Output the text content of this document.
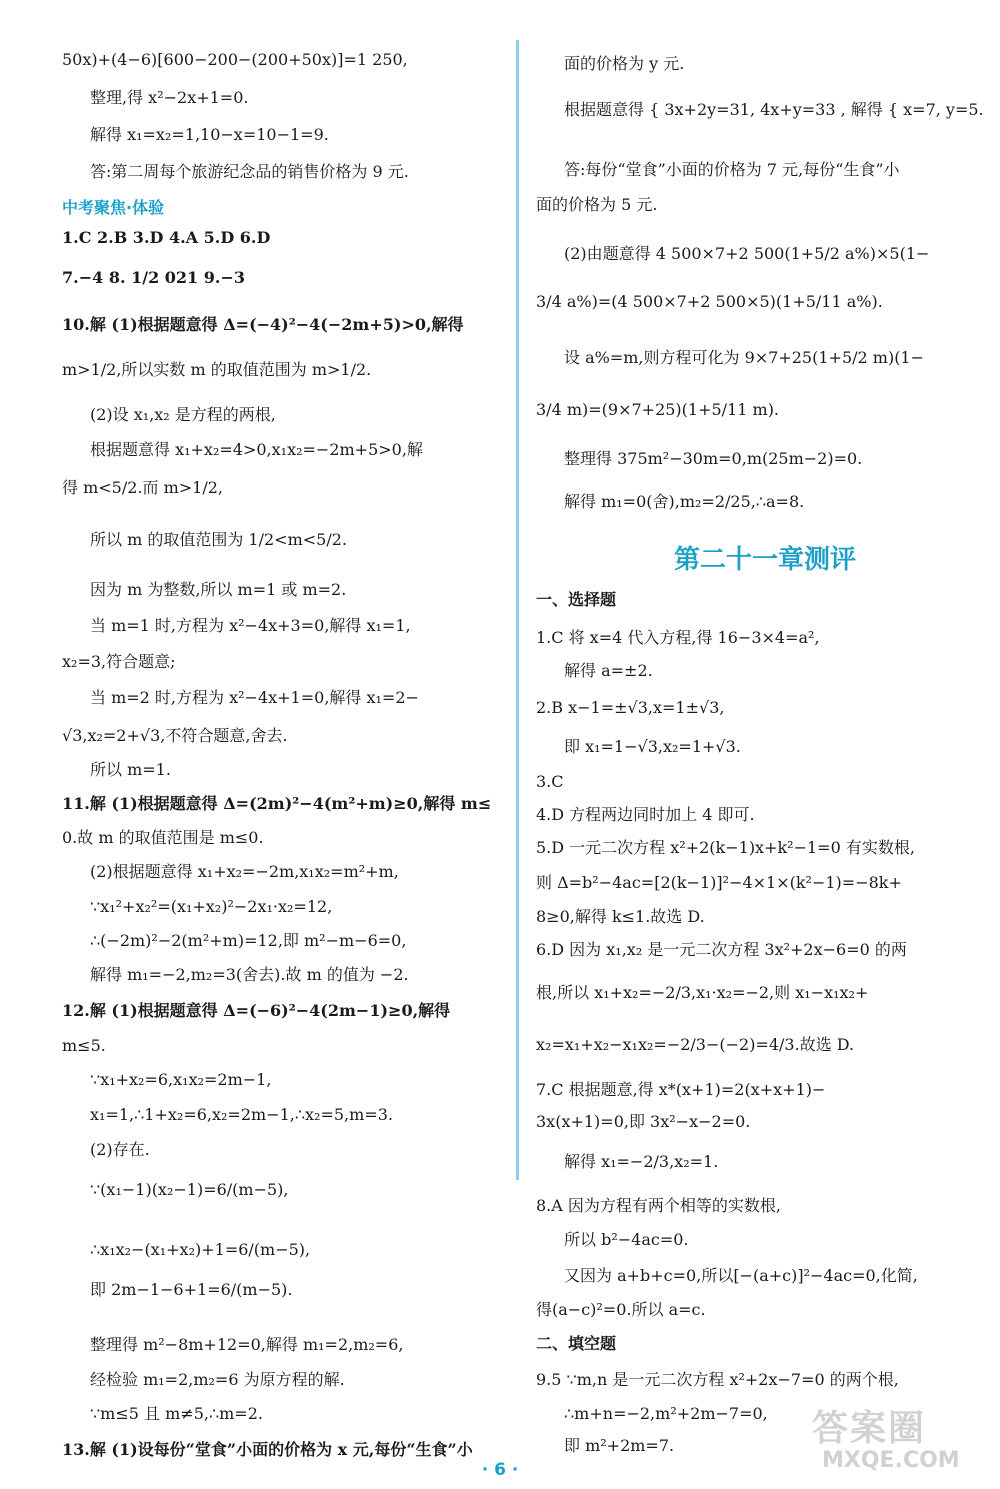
50x)+(4−6)[600−200−(200+50x)]=1 250,
整理,得 x²−2x+1=0.
解得 x₁=x₂=1,10−x=10−1=9.
答:第二周每个旅游纪念品的销售价格为 9 元.
中考聚焦·体验
1.C 2.B 3.D 4.A 5.D 6.D
7.−4 8. 1/2 021 9.−3
10.解 (1)根据题意得 Δ=(−4)²−4(−2m+5)>0,解得
m>1/2,所以实数 m 的取值范围为 m>1/2.
(2)设 x₁,x₂ 是方程的两根,
根据题意得 x₁+x₂=4>0,x₁x₂=−2m+5>0,解
得 m<5/2.而 m>1/2,
所以 m 的取值范围为 1/2<m<5/2.
因为 m 为整数,所以 m=1 或 m=2.
当 m=1 时,方程为 x²−4x+3=0,解得 x₁=1,
x₂=3,符合题意;
当 m=2 时,方程为 x²−4x+1=0,解得 x₁=2−
√3,x₂=2+√3,不符合题意,舍去.
所以 m=1.
11.解 (1)根据题意得 Δ=(2m)²−4(m²+m)≥0,解得 m≤
0.故 m 的取值范围是 m≤0.
(2)根据题意得 x₁+x₂=−2m,x₁x₂=m²+m,
∵x₁²+x₂²=(x₁+x₂)²−2x₁·x₂=12,
∴(−2m)²−2(m²+m)=12,即 m²−m−6=0,
解得 m₁=−2,m₂=3(舍去).故 m 的值为 −2.
12.解 (1)根据题意得 Δ=(−6)²−4(2m−1)≥0,解得
m≤5.
∵x₁+x₂=6,x₁x₂=2m−1,
x₁=1,∴1+x₂=6,x₂=2m−1,∴x₂=5,m=3.
(2)存在.
∵(x₁−1)(x₂−1)=6/(m−5),
∴x₁x₂−(x₁+x₂)+1=6/(m−5),
即 2m−1−6+1=6/(m−5).
整理得 m²−8m+12=0,解得 m₁=2,m₂=6,
经检验 m₁=2,m₂=6 为原方程的解.
∵m≤5 且 m≠5,∴m=2.
13.解 (1)设每份“堂食”小面的价格为 x 元,每份“生食”小
面的价格为 y 元.
根据题意得 { 3x+2y=31, 4x+y=33 , 解得 { x=7, y=5.
答:每份“堂食”小面的价格为 7 元,每份“生食”小
面的价格为 5 元.
(2)由题意得 4 500×7+2 500(1+5/2 a%)×5(1−
3/4 a%)=(4 500×7+2 500×5)(1+5/11 a%).
设 a%=m,则方程可化为 9×7+25(1+5/2 m)(1−
3/4 m)=(9×7+25)(1+5/11 m).
整理得 375m²−30m=0,m(25m−2)=0.
解得 m₁=0(舍),m₂=2/25,∴a=8.
第二十一章测评
一、选择题
1.C 将 x=4 代入方程,得 16−3×4=a²,
解得 a=±2.
2.B x−1=±√3,x=1±√3,
即 x₁=1−√3,x₂=1+√3.
3.C
4.D 方程两边同时加上 4 即可.
5.D 一元二次方程 x²+2(k−1)x+k²−1=0 有实数根,
则 Δ=b²−4ac=[2(k−1)]²−4×1×(k²−1)=−8k+
8≥0,解得 k≤1.故选 D.
6.D 因为 x₁,x₂ 是一元二次方程 3x²+2x−6=0 的两
根,所以 x₁+x₂=−2/3,x₁·x₂=−2,则 x₁−x₁x₂+
x₂=x₁+x₂−x₁x₂=−2/3−(−2)=4/3.故选 D.
7.C 根据题意,得 x*(x+1)=2(x+x+1)−
3x(x+1)=0,即 3x²−x−2=0.
解得 x₁=−2/3,x₂=1.
8.A 因为方程有两个相等的实数根,
所以 b²−4ac=0.
又因为 a+b+c=0,所以[−(a+c)]²−4ac=0,化简,
得(a−c)²=0.所以 a=c.
二、填空题
9.5 ∵m,n 是一元二次方程 x²+2x−7=0 的两个根,
∴m+n=−2,m²+2m−7=0,
即 m²+2m=7.
· 6 ·
答案圈
MXQE.COM
